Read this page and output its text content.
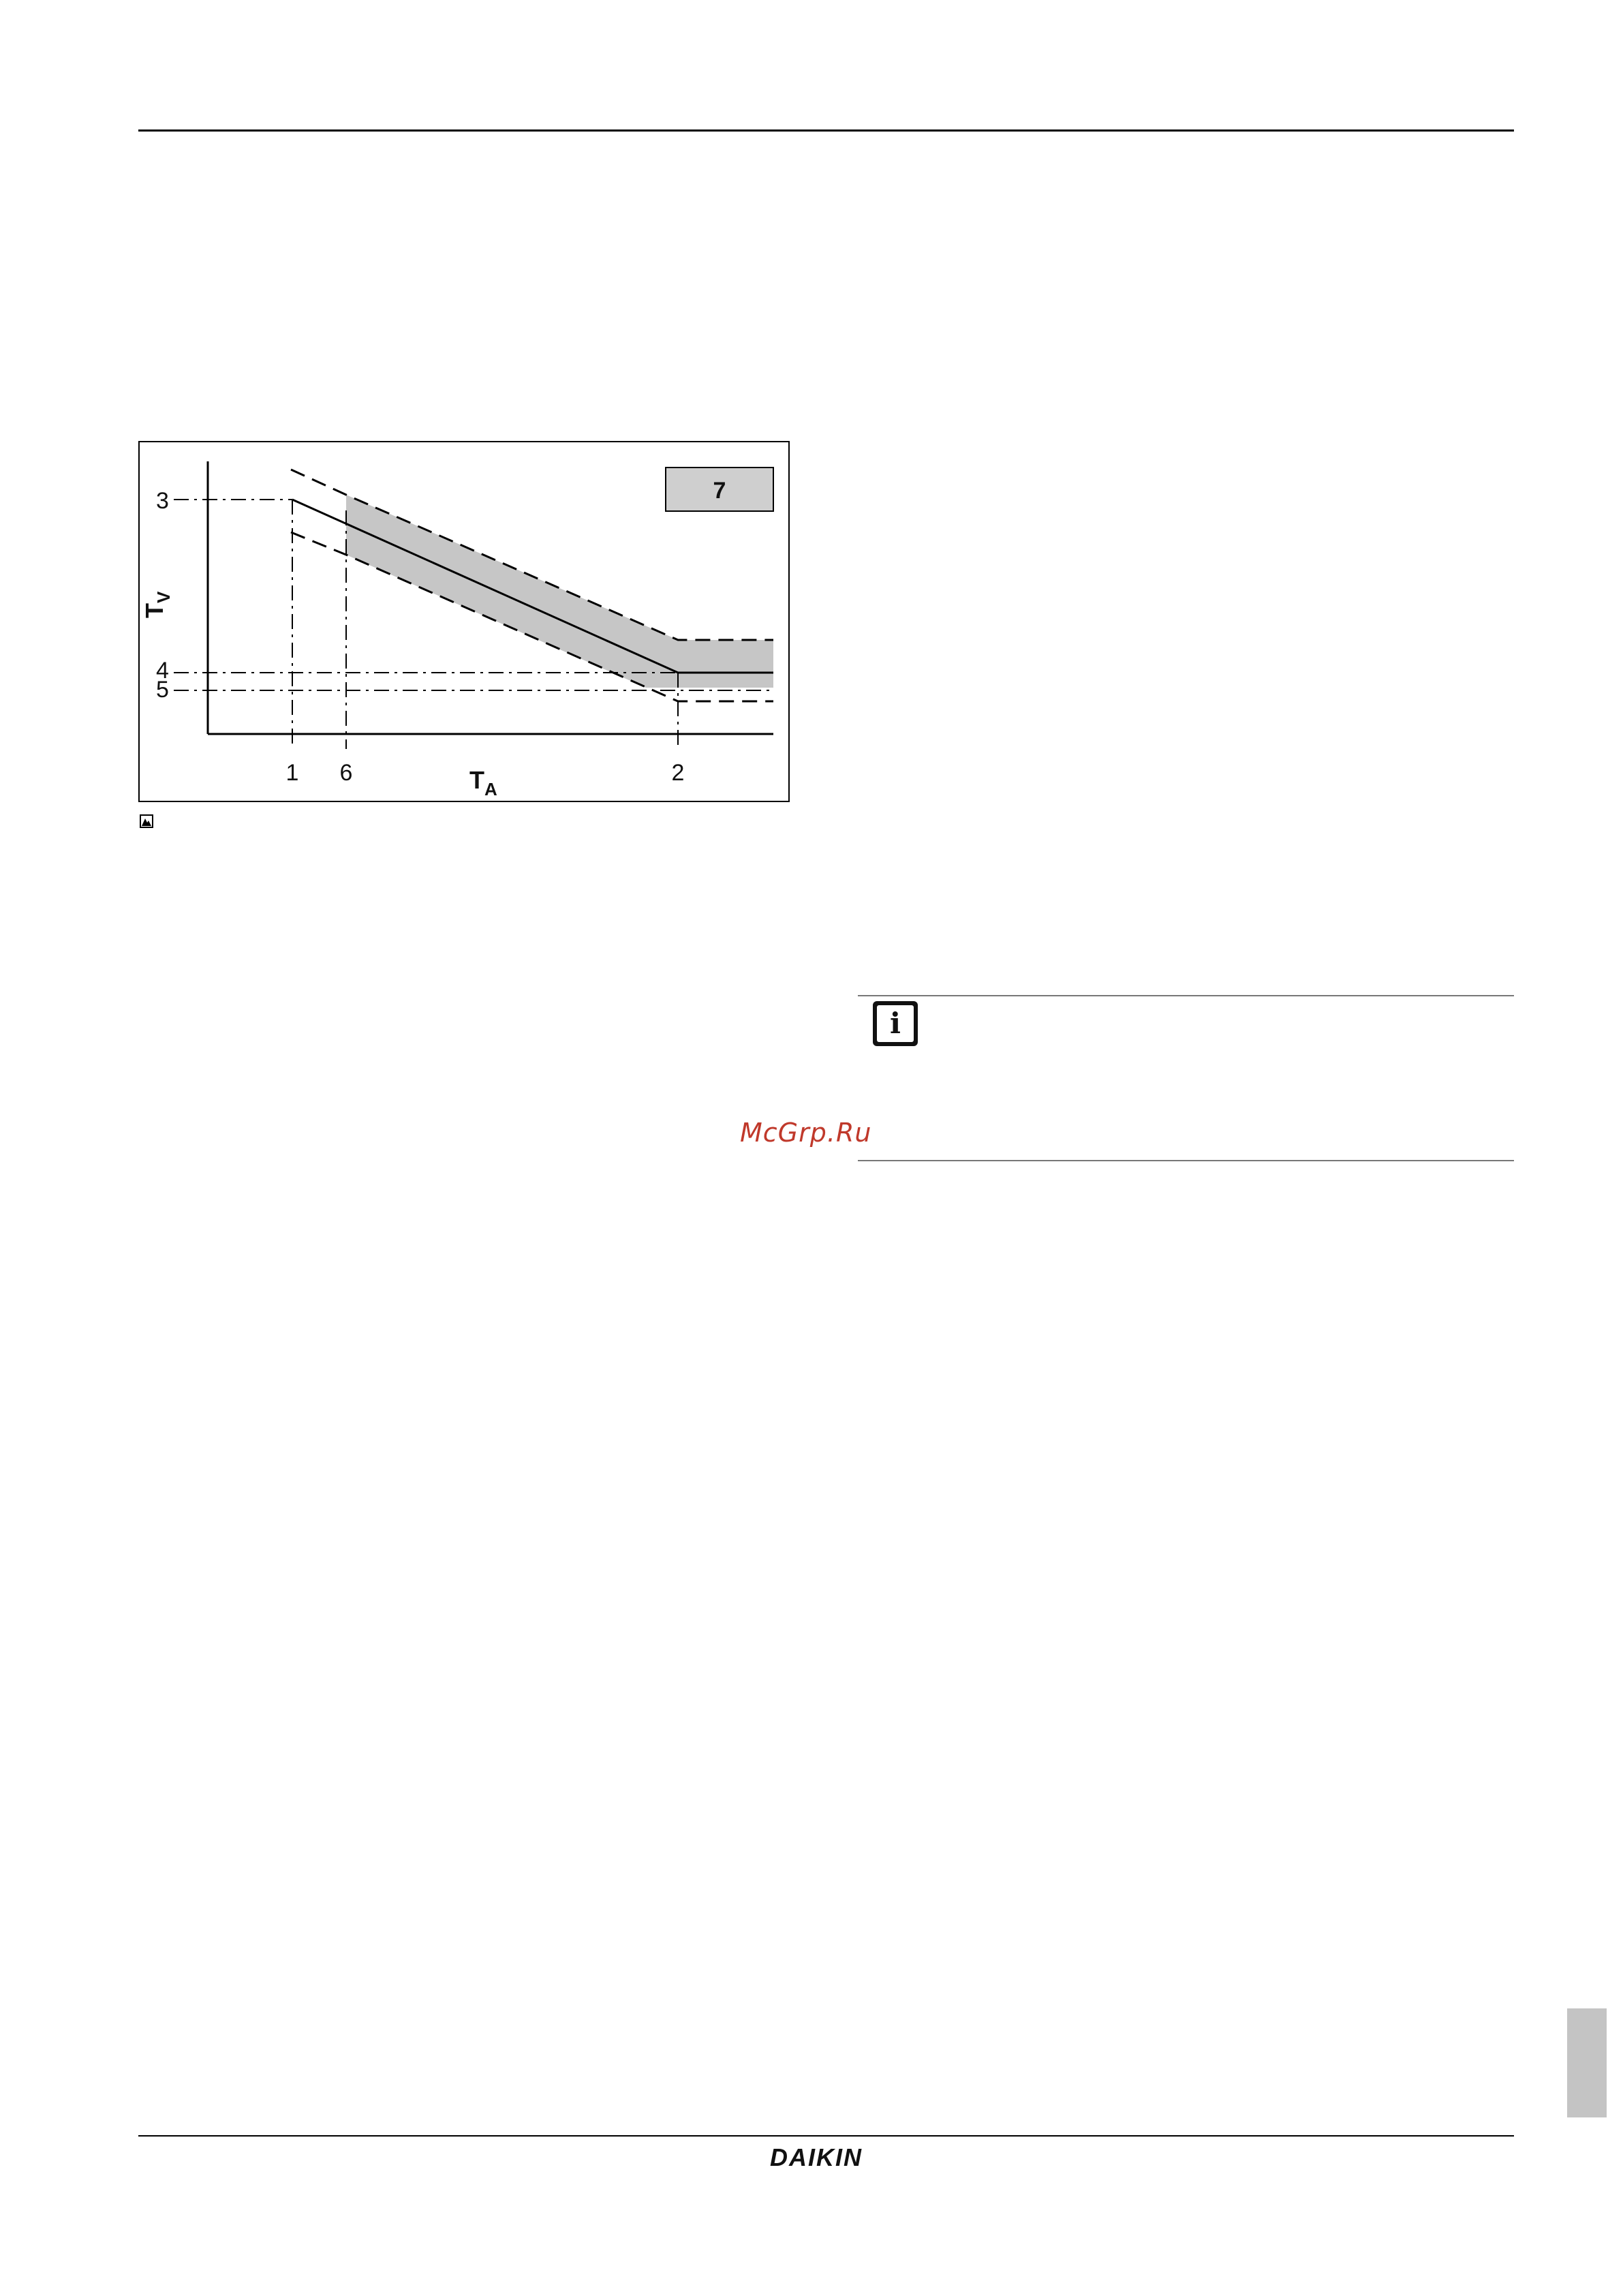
7
3
4
5
1 6	2
$T_A$
$T_V$
i
McGrp.Ru
DAIKIN
